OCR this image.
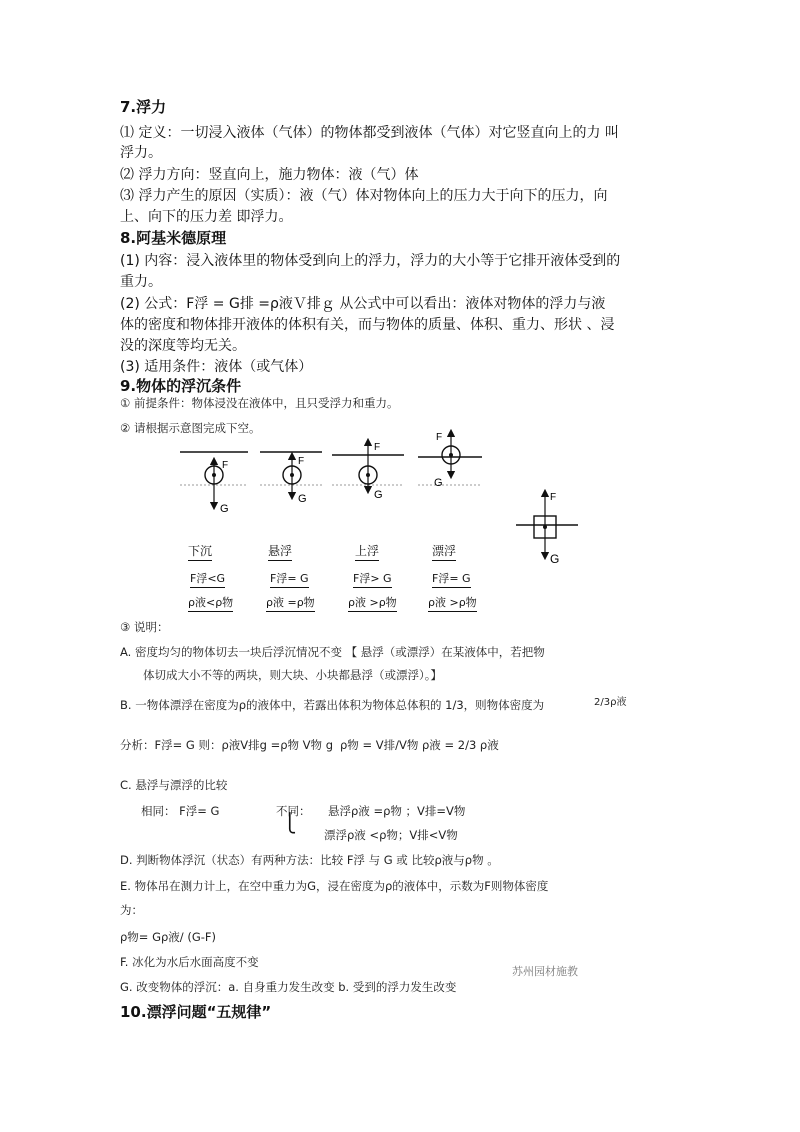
7.浮力
⑴ 定义：一切浸入液体（气体）的物体都受到液体（气体）对它竖直向上的力 叫
浮力。
⑵ 浮力方向：竖直向上，施力物体：液（气）体
⑶ 浮力产生的原因（实质）：液（气）体对物体向上的压力大于向下的压力，向
上、向下的压力差 即浮力。
8.阿基米德原理
(1) 内容：浸入液体里的物体受到向上的浮力，浮力的大小等于它排开液体受到的
重力。
(2) 公式：F浮 = G排 =ρ液Ｖ排ｇ 从公式中可以看出：液体对物体的浮力与液
体的密度和物体排开液体的体积有关，而与物体的质量、体积、重力、形状 、浸
没的深度等均无关。
(3) 适用条件：液体（或气体）
9.物体的浮沉条件
① 前提条件：物体浸没在液体中，且只受浮力和重力。
② 请根据示意图完成下空。
F
G
F
G
F
G
F
G
F
G
下沉	悬浮	上浮	漂浮
F浮<G	F浮= G	F浮> G	F浮= G
ρ液<ρ物	ρ液 =ρ物	ρ液 >ρ物	ρ液 >ρ物
③ 说明：
A. 密度均匀的物体切去一块后浮沉情况不变 【 悬浮（或漂浮）在某液体中，若把物
体切成大小不等的两块，则大块、小块都悬浮（或漂浮）。】
B. 一物体漂浮在密度为ρ的液体中，若露出体积为物体总体积的 1/3，则物体密度为	2/3ρ液
分析：F浮= G 则：ρ液V排g =ρ物 V物 g ρ物 = V排/V物 ρ液 = 2/3 ρ液
C. 悬浮与漂浮的比较
相同： F浮= G	不同： 悬浮ρ液 =ρ物 ；V排=V物
⎩
漂浮ρ液 <ρ物；V排<V物
D. 判断物体浮沉（状态）有两种方法：比较 F浮 与 G 或 比较ρ液与ρ物 。
E. 物体吊在测力计上，在空中重力为G，浸在密度为ρ的液体中，示数为F则物体密度
为：
ρ物= Gρ液/ (G-F)
F. 冰化为水后水面高度不变
G. 改变物体的浮沉：a. 自身重力发生改变 b. 受到的浮力发生改变
苏州园材施教
10.漂浮问题“五规律”
